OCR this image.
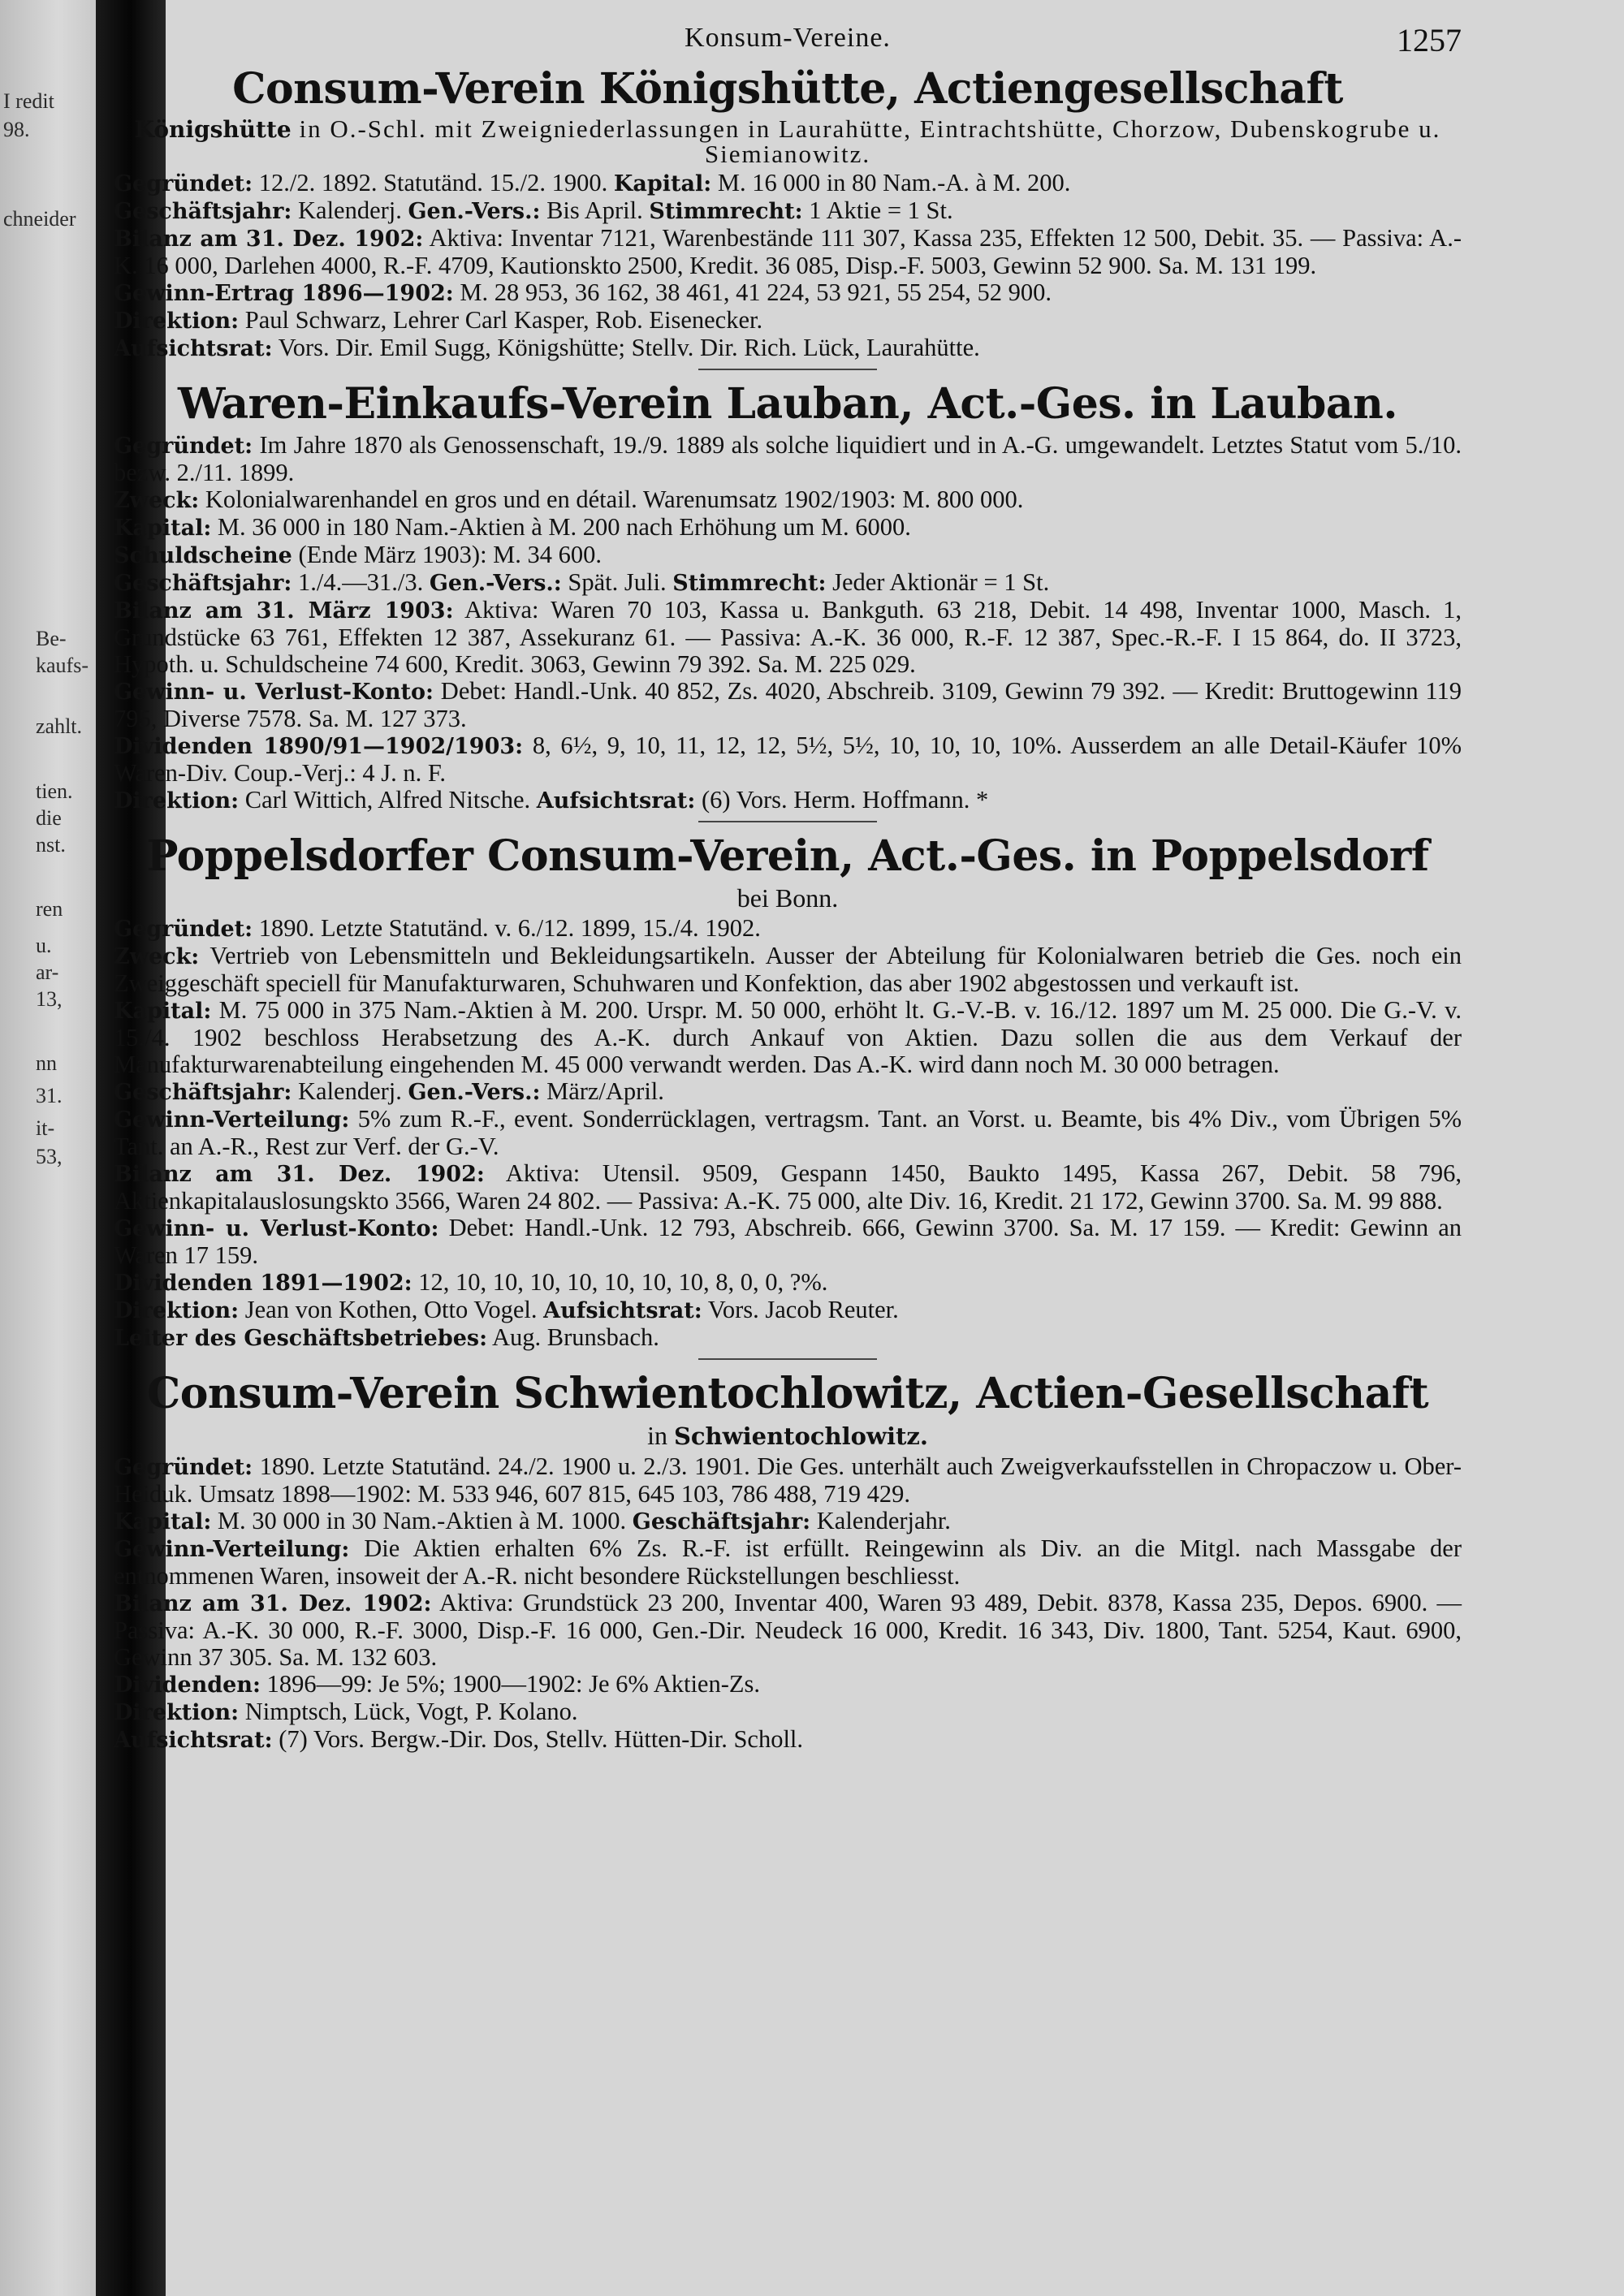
I redit
98.
chneider
Be-
kaufs-
zahlt.
tien.
die
nst.
ren
u.
ar-
13,
nn
31.
it-
53,
Konsum-Vereine.	1257
Consum-Verein Königshütte, Actiengesellschaft
Königshütte in O.-Schl. mit Zweigniederlassungen in Laurahütte, Eintrachtshütte, Chorzow, Dubenskogrube u. Siemianowitz.

Gegründet: 12./2. 1892. Statutänd. 15./2. 1900. Kapital: M. 16 000 in 80 Nam.-A. à M. 200.

Geschäftsjahr: Kalenderj. Gen.-Vers.: Bis April. Stimmrecht: 1 Aktie = 1 St.

Bilanz am 31. Dez. 1902: Aktiva: Inventar 7121, Warenbestände 111 307, Kassa 235, Effekten 12 500, Debit. 35. — Passiva: A.-K. 16 000, Darlehen 4000, R.-F. 4709, Kautionskto 2500, Kredit. 36 085, Disp.-F. 5003, Gewinn 52 900. Sa. M. 131 199.

Gewinn-Ertrag 1896—1902: M. 28 953, 36 162, 38 461, 41 224, 53 921, 55 254, 52 900.

Direktion: Paul Schwarz, Lehrer Carl Kasper, Rob. Eisenecker.

Aufsichtsrat: Vors. Dir. Emil Sugg, Königshütte; Stellv. Dir. Rich. Lück, Laurahütte.

Waren-Einkaufs-Verein Lauban, Act.-Ges. in Lauban.

Gegründet: Im Jahre 1870 als Genossenschaft, 19./9. 1889 als solche liquidiert und in A.-G. umgewandelt. Letztes Statut vom 5./10. bezw. 2./11. 1899.

Zweck: Kolonialwarenhandel en gros und en détail. Warenumsatz 1902/1903: M. 800 000.

Kapital: M. 36 000 in 180 Nam.-Aktien à M. 200 nach Erhöhung um M. 6000.

Schuldscheine (Ende März 1903): M. 34 600.

Geschäftsjahr: 1./4.—31./3. Gen.-Vers.: Spät. Juli. Stimmrecht: Jeder Aktionär = 1 St.

Bilanz am 31. März 1903: Aktiva: Waren 70 103, Kassa u. Bankguth. 63 218, Debit. 14 498, Inventar 1000, Masch. 1, Grundstücke 63 761, Effekten 12 387, Assekuranz 61. — Passiva: A.-K. 36 000, R.-F. 12 387, Spec.-R.-F. I 15 864, do. II 3723, Hypoth. u. Schuldscheine 74 600, Kredit. 3063, Gewinn 79 392. Sa. M. 225 029.

Gewinn- u. Verlust-Konto: Debet: Handl.-Unk. 40 852, Zs. 4020, Abschreib. 3109, Gewinn 79 392. — Kredit: Bruttogewinn 119 795, Diverse 7578. Sa. M. 127 373.

Dividenden 1890/91—1902/1903: 8, 6½, 9, 10, 11, 12, 12, 5½, 5½, 10, 10, 10, 10%. Ausserdem an alle Detail-Käufer 10% Waren-Div. Coup.-Verj.: 4 J. n. F.

Direktion: Carl Wittich, Alfred Nitsche. Aufsichtsrat: (6) Vors. Herm. Hoffmann. *

Poppelsdorfer Consum-Verein, Act.-Ges. in Poppelsdorf
bei Bonn.

Gegründet: 1890. Letzte Statutänd. v. 6./12. 1899, 15./4. 1902.

Zweck: Vertrieb von Lebensmitteln und Bekleidungsartikeln. Ausser der Abteilung für Kolonialwaren betrieb die Ges. noch ein Zweiggeschäft speciell für Manufakturwaren, Schuhwaren und Konfektion, das aber 1902 abgestossen und verkauft ist.

Kapital: M. 75 000 in 375 Nam.-Aktien à M. 200. Urspr. M. 50 000, erhöht lt. G.-V.-B. v. 16./12. 1897 um M. 25 000. Die G.-V. v. 15./4. 1902 beschloss Herabsetzung des A.-K. durch Ankauf von Aktien. Dazu sollen die aus dem Verkauf der Manufakturwarenabteilung eingehenden M. 45 000 verwandt werden. Das A.-K. wird dann noch M. 30 000 betragen.

Geschäftsjahr: Kalenderj. Gen.-Vers.: März/April.

Gewinn-Verteilung: 5% zum R.-F., event. Sonderrücklagen, vertragsm. Tant. an Vorst. u. Beamte, bis 4% Div., vom Übrigen 5% Tant. an A.-R., Rest zur Verf. der G.-V.

Bilanz am 31. Dez. 1902: Aktiva: Utensil. 9509, Gespann 1450, Baukto 1495, Kassa 267, Debit. 58 796, Aktienkapitalauslosungskto 3566, Waren 24 802. — Passiva: A.-K. 75 000, alte Div. 16, Kredit. 21 172, Gewinn 3700. Sa. M. 99 888.

Gewinn- u. Verlust-Konto: Debet: Handl.-Unk. 12 793, Abschreib. 666, Gewinn 3700. Sa. M. 17 159. — Kredit: Gewinn an Waren 17 159.

Dividenden 1891—1902: 12, 10, 10, 10, 10, 10, 10, 10, 8, 0, 0, ?%.

Direktion: Jean von Kothen, Otto Vogel. Aufsichtsrat: Vors. Jacob Reuter.

Leiter des Geschäftsbetriebes: Aug. Brunsbach.

Consum-Verein Schwientochlowitz, Actien-Gesellschaft
in Schwientochlowitz.

Gegründet: 1890. Letzte Statutänd. 24./2. 1900 u. 2./3. 1901. Die Ges. unterhält auch Zweigverkaufsstellen in Chropaczow u. Ober-Heiduk. Umsatz 1898—1902: M. 533 946, 607 815, 645 103, 786 488, 719 429.

Kapital: M. 30 000 in 30 Nam.-Aktien à M. 1000. Geschäftsjahr: Kalenderjahr.

Gewinn-Verteilung: Die Aktien erhalten 6% Zs. R.-F. ist erfüllt. Reingewinn als Div. an die Mitgl. nach Massgabe der entnommenen Waren, insoweit der A.-R. nicht besondere Rückstellungen beschliesst.

Bilanz am 31. Dez. 1902: Aktiva: Grundstück 23 200, Inventar 400, Waren 93 489, Debit. 8378, Kassa 235, Depos. 6900. — Passiva: A.-K. 30 000, R.-F. 3000, Disp.-F. 16 000, Gen.-Dir. Neudeck 16 000, Kredit. 16 343, Div. 1800, Tant. 5254, Kaut. 6900, Gewinn 37 305. Sa. M. 132 603.

Dividenden: 1896—99: Je 5%; 1900—1902: Je 6% Aktien-Zs.

Direktion: Nimptsch, Lück, Vogt, P. Kolano.

Aufsichtsrat: (7) Vors. Bergw.-Dir. Dos, Stellv. Hütten-Dir. Scholl.
